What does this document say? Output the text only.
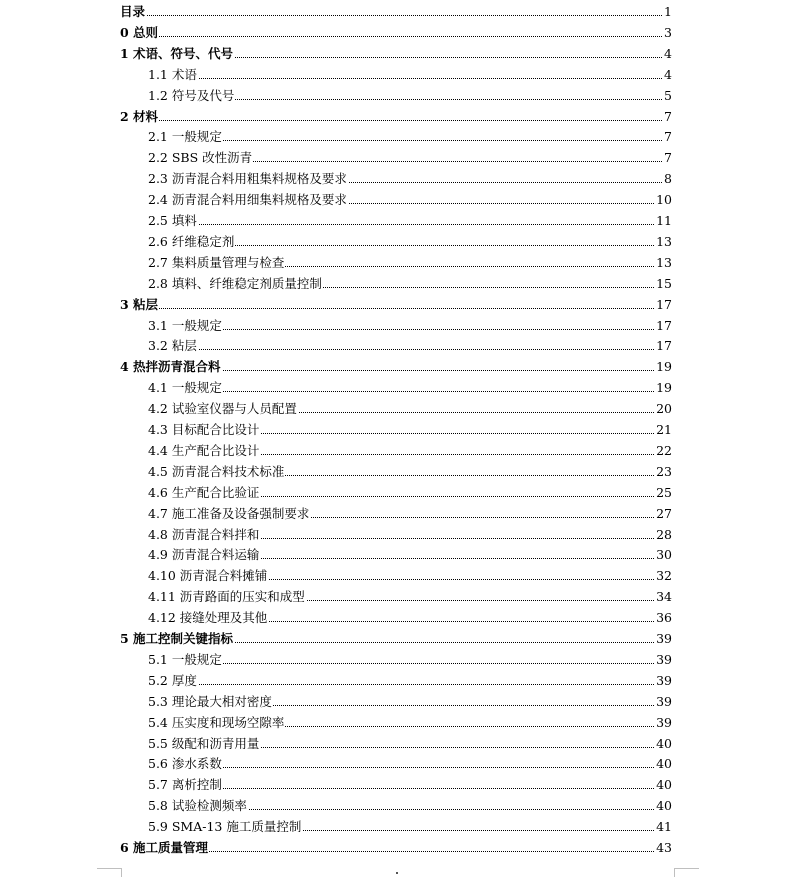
目录	1
0 总则	3
1 术语、符号、代号	4
1.1 术语	4
1.2 符号及代号	5
2 材料	7
2.1 一般规定	7
2.2 SBS 改性沥青	7
2.3 沥青混合料用粗集料规格及要求	8
2.4 沥青混合料用细集料规格及要求	10
2.5 填料	11
2.6 纤维稳定剂	13
2.7 集料质量管理与检查	13
2.8 填料、纤维稳定剂质量控制	15
3 粘层	17
3.1 一般规定	17
3.2 粘层	17
4 热拌沥青混合料	19
4.1 一般规定	19
4.2 试验室仪器与人员配置	20
4.3 目标配合比设计	21
4.4 生产配合比设计	22
4.5 沥青混合料技术标准	23
4.6 生产配合比验证	25
4.7 施工准备及设备强制要求	27
4.8 沥青混合料拌和	28
4.9 沥青混合料运输	30
4.10 沥青混合料摊铺	32
4.11 沥青路面的压实和成型	34
4.12 接缝处理及其他	36
5 施工控制关键指标	39
5.1 一般规定	39
5.2 厚度	39
5.3 理论最大相对密度	39
5.4 压实度和现场空隙率	39
5.5 级配和沥青用量	40
5.6 渗水系数	40
5.7 离析控制	40
5.8 试验检测频率	40
5.9 SMA-13 施工质量控制	41
6 施工质量管理	43
